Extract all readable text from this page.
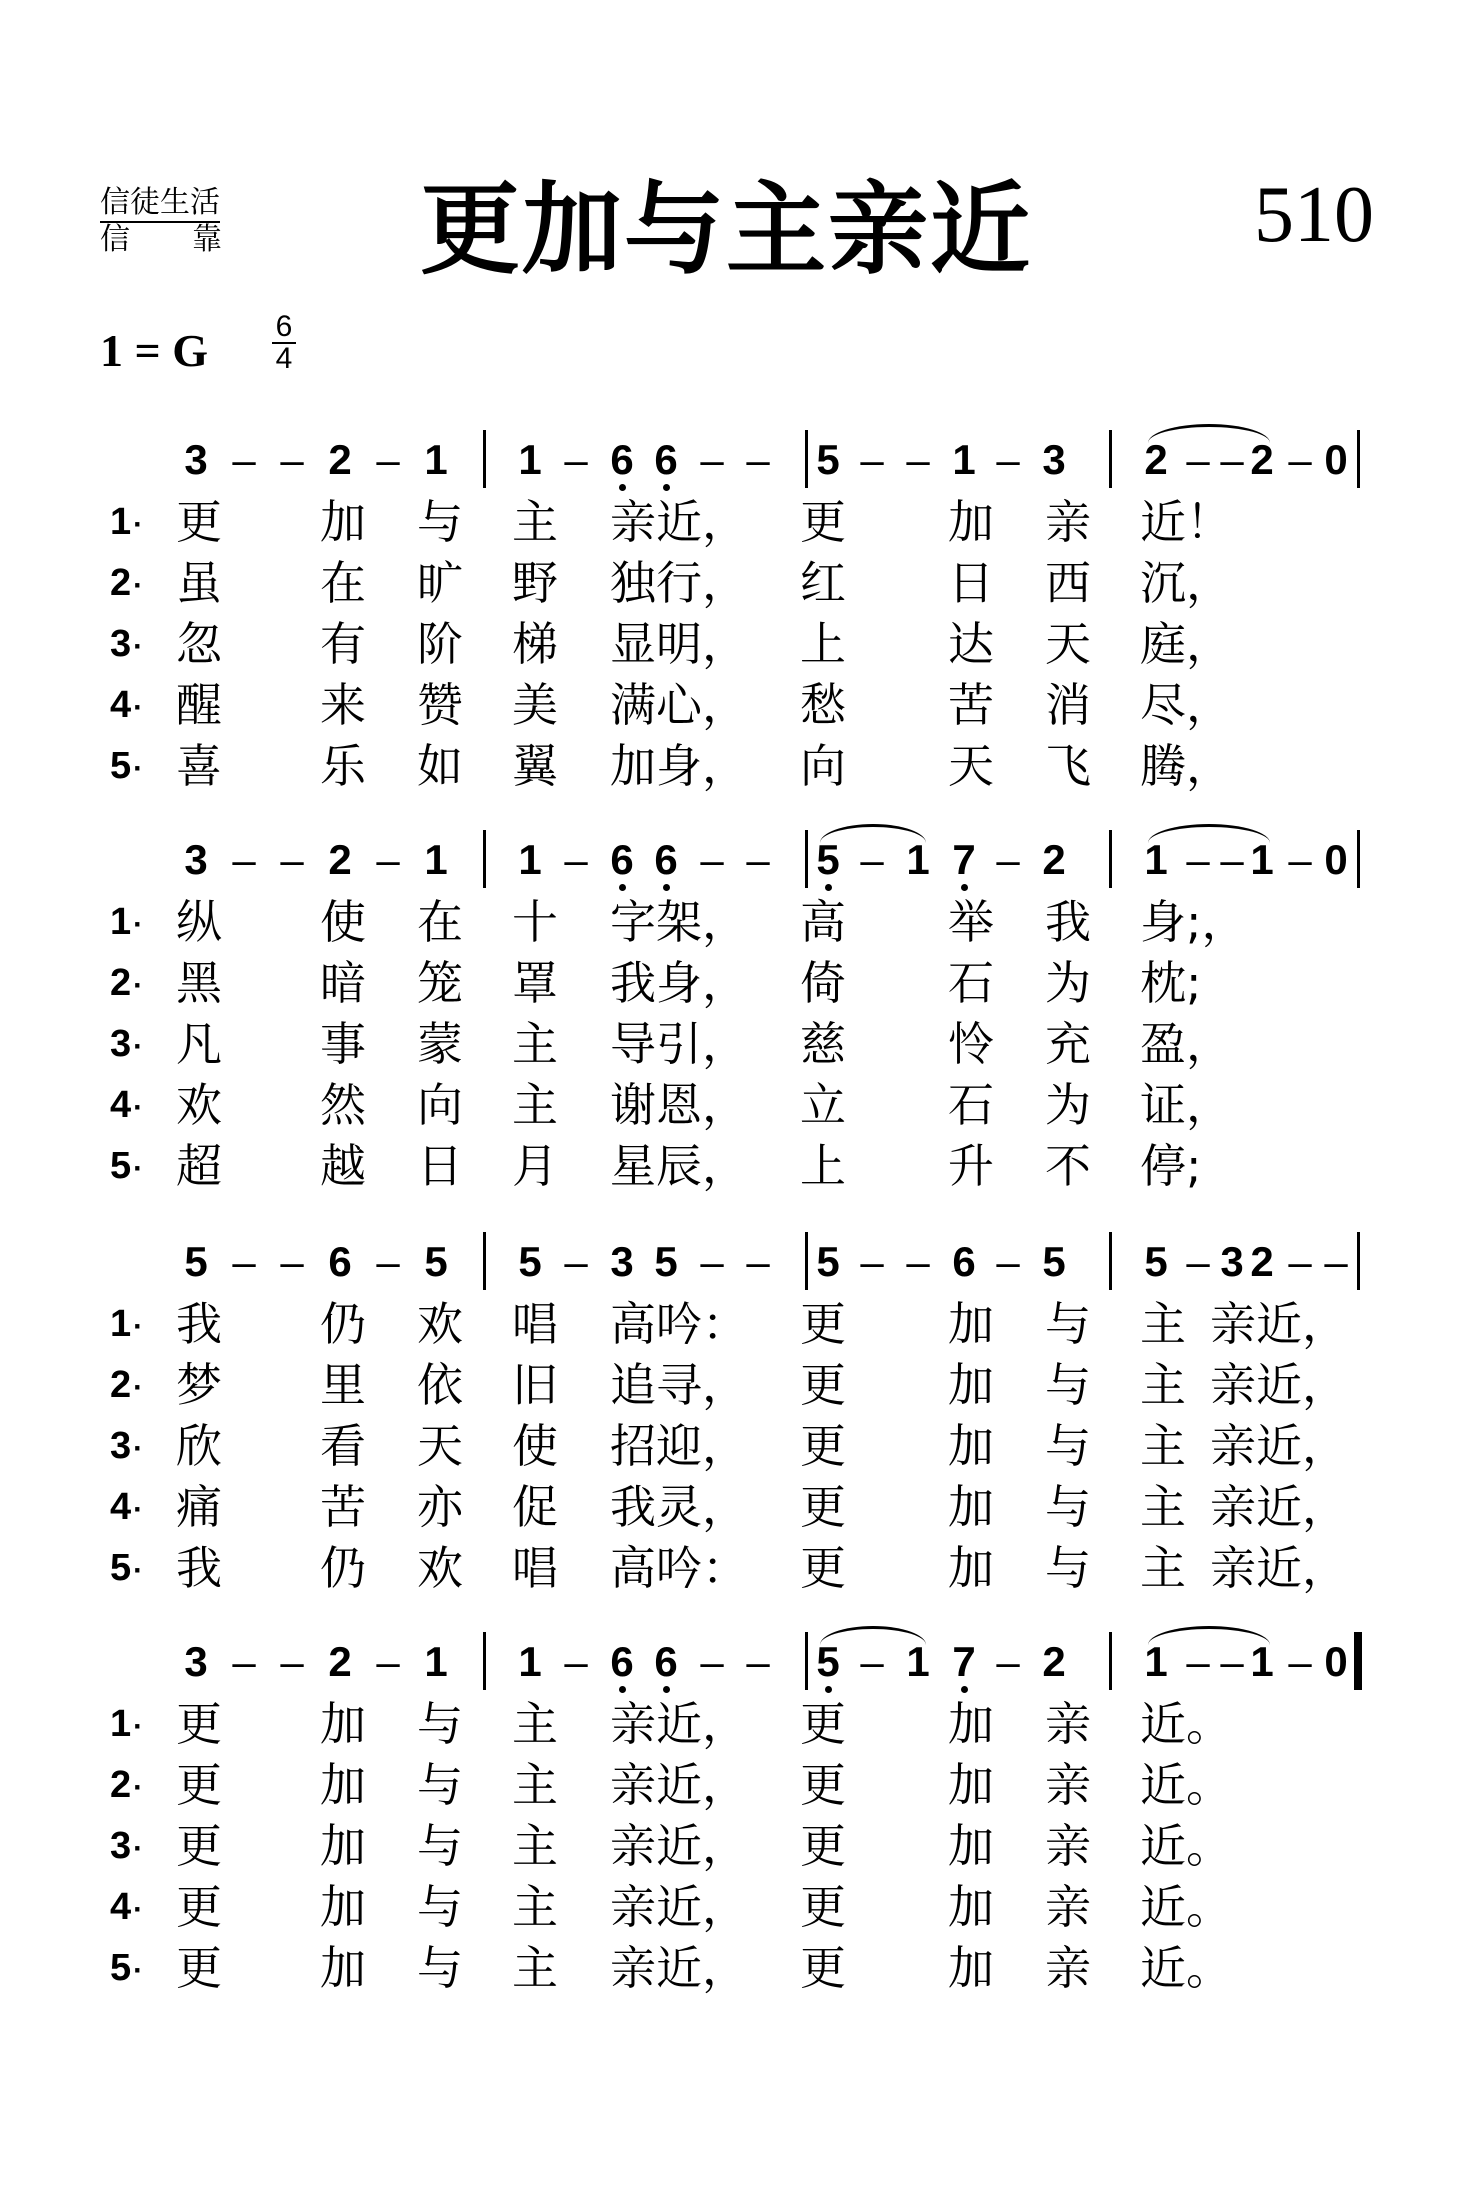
信徒生活
信靠 更加与主亲近	510
1 = G 6
4
3 – – 2 – 1 1 – 6 6 – – 5 – – 1 – 3 2 – – 2 – 0
1· 更 加 与 主 亲近， 更 加 亲 近！
2· 虽 在 旷 野 独行， 红 日 西 沉，
3· 忽 有 阶 梯 显明， 上 达 天 庭，
4· 醒 来 赞 美 满心， 愁 苦 消 尽，
5· 喜 乐 如 翼 加身， 向 天 飞 腾，
3 – – 2 – 1 1 – 6 6 – – 5 – 1 7 – 2 1 – – 1 – 0
1· 纵 使 在 十 字架， 高 举 我 身;，
2· 黑 暗 笼 罩 我身， 倚 石 为 枕;
3· 凡 事 蒙 主 导引， 慈 怜 充 盈，
4· 欢 然 向 主 谢恩， 立 石 为 证，
5· 超 越 日 月 星辰， 上 升 不 停;
5 – – 6 – 5 5 – 3 5 – – 5 – – 6 – 5 5 – 3 2 – –
1· 我 仍 欢 唱 高吟： 更 加 与 主 亲近，
2· 梦 里 依 旧 追寻， 更 加 与 主 亲近，
3· 欣 看 天 使 招迎， 更 加 与 主 亲近，
4· 痛 苦 亦 促 我灵， 更 加 与 主 亲近，
5· 我 仍 欢 唱 高吟： 更 加 与 主 亲近，
3 – – 2 – 1 1 – 6 6 – – 5 – 1 7 – 2 1 – – 1 – 0
1· 更 加 与 主 亲近， 更 加 亲 近。
2· 更 加 与 主 亲近， 更 加 亲 近。
3· 更 加 与 主 亲近， 更 加 亲 近。
4· 更 加 与 主 亲近， 更 加 亲 近。
5· 更 加 与 主 亲近， 更 加 亲 近。
